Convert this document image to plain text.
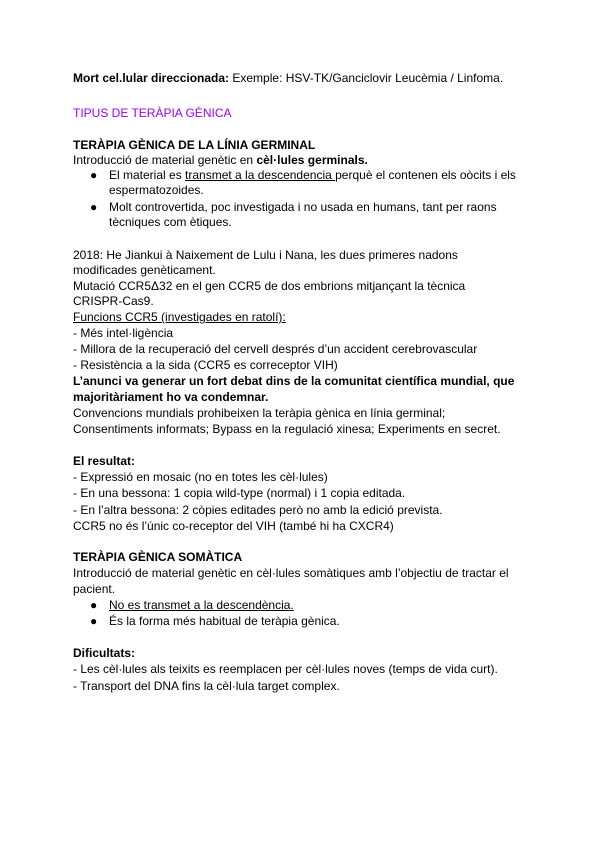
Mort cel.lular direccionada: Exemple: HSV-TK/Ganciclovir Leucèmia / Linfoma.
TIPUS DE TERÀPIA GÈNICA
TERÀPIA GÈNICA DE LA LÍNIA GERMINAL
Introducció de material genètic en cèl·lules germinals.
● El material es transmet a la descendencia perquè el contenen els oòcits i els
espermatozoides.
● Molt controvertida, poc investigada i no usada en humans, tant per raons
tècniques com ètiques.
2018: He Jiankui à Naixement de Lulu i Nana, les dues primeres nadons
modificades genèticament.
Mutació CCR5Δ32 en el gen CCR5 de dos embrions mitjançant la tècnica
CRISPR-Cas9.
Funcions CCR5 (investigades en ratolí):
- Més intel·ligència
- Millora de la recuperació del cervell després d’un accident cerebrovascular
- Resistència a la sida (CCR5 es correceptor VIH)
L’anunci va generar un fort debat dins de la comunitat científica mundial, que
majoritàriament ho va condemnar.
Convencions mundials prohibeixen la teràpia gènica en línia germinal;
Consentiments informats; Bypass en la regulació xinesa; Experiments en secret.
El resultat:
- Expressió en mosaic (no en totes les cèl·lules)
- En una bessona: 1 copia wild-type (normal) i 1 copia editada.
- En l’altra bessona: 2 còpies editades però no amb la edició prevista.
CCR5 no és l’únic co-receptor del VIH (també hi ha CXCR4)
TERÀPIA GÈNICA SOMÀTICA
Introducció de material genètic en cèl·lules somàtiques amb l’objectiu de tractar el
pacient.
● No es transmet a la descendència.
● És la forma més habitual de teràpia gènica.
Dificultats:
- Les cèl·lules als teixits es reemplacen per cèl·lules noves (temps de vida curt).
- Transport del DNA fins la cèl·lula target complex.
